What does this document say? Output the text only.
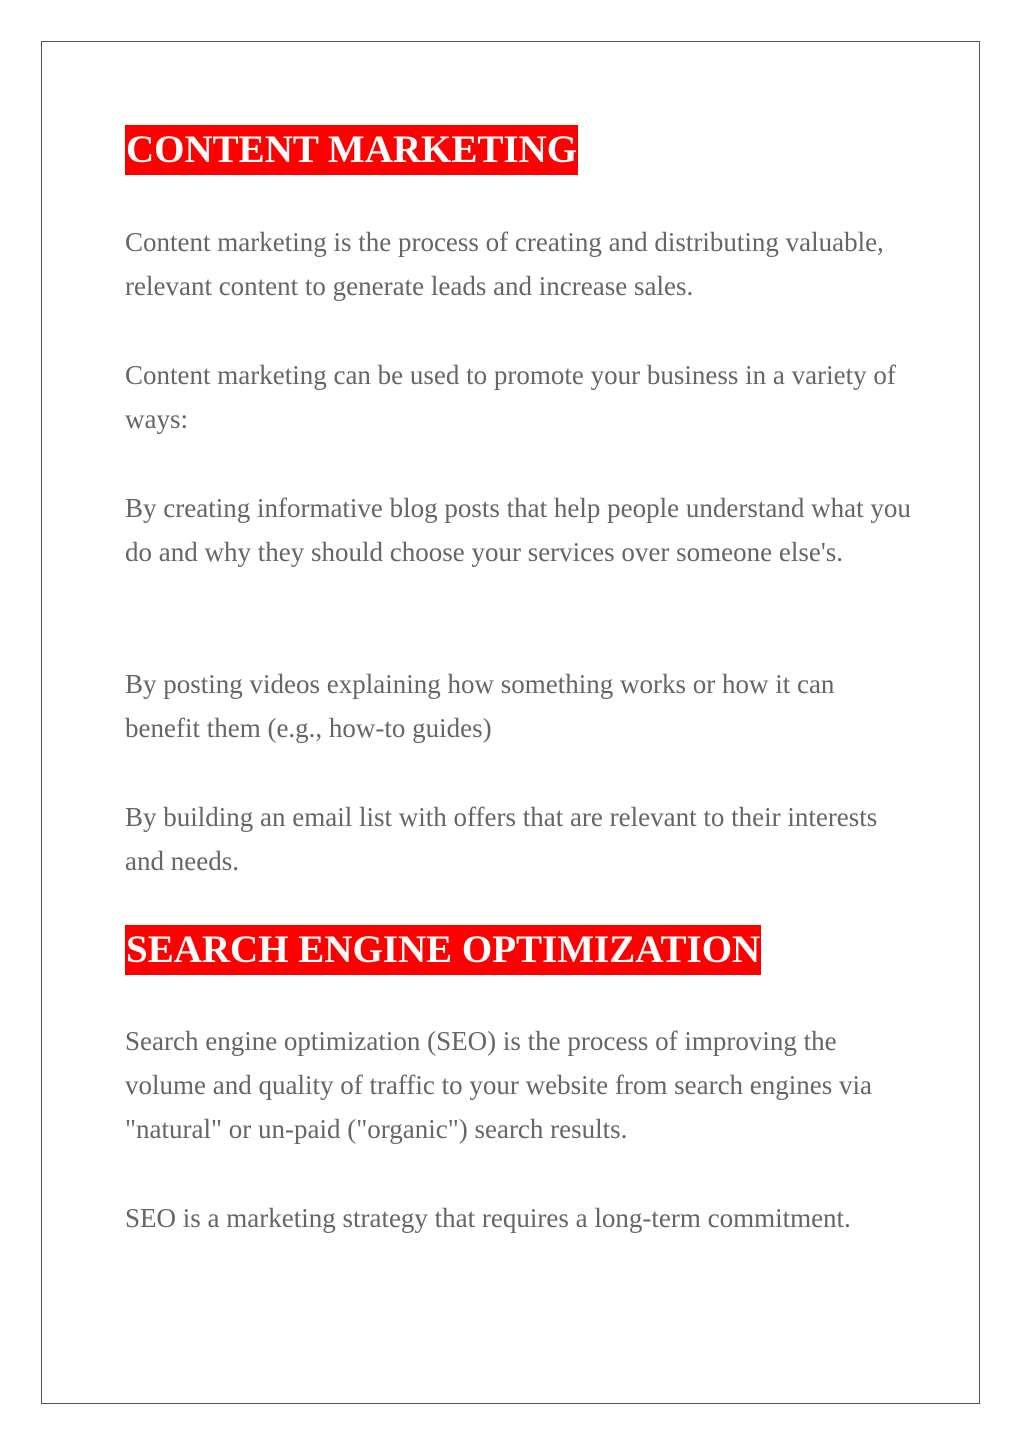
CONTENT MARKETING

Content marketing is the process of creating and distributing valuable, relevant content to generate leads and increase sales.

Content marketing can be used to promote your business in a variety of ways:

By creating informative blog posts that help people understand what you do and why they should choose your services over someone else's.

By posting videos explaining how something works or how it can benefit them (e.g., how-to guides)

By building an email list with offers that are relevant to their interests and needs.

SEARCH ENGINE OPTIMIZATION

Search engine optimization (SEO) is the process of improving the volume and quality of traffic to your website from search engines via "natural" or un-paid ("organic") search results.

SEO is a marketing strategy that requires a long-term commitment.
